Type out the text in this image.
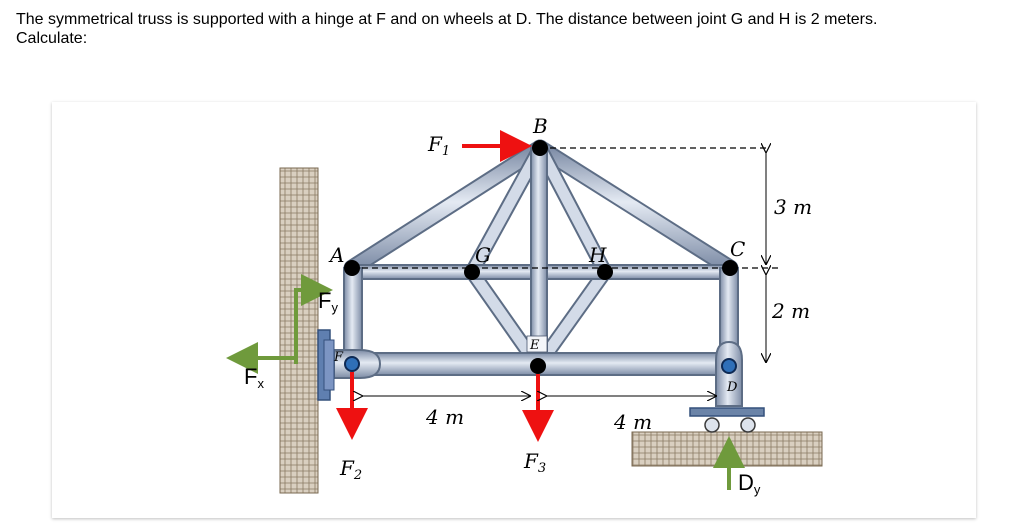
The symmetrical truss is supported with a hinge at F and on wheels at D. The distance between joint G and H is 2 meters.
Calculate:
B
A	C
G	H
E
F
D
$F_1$
$F_2$
$F_3$
Fx
Fy
Dy
4 m	4 m
3 m
2 m
